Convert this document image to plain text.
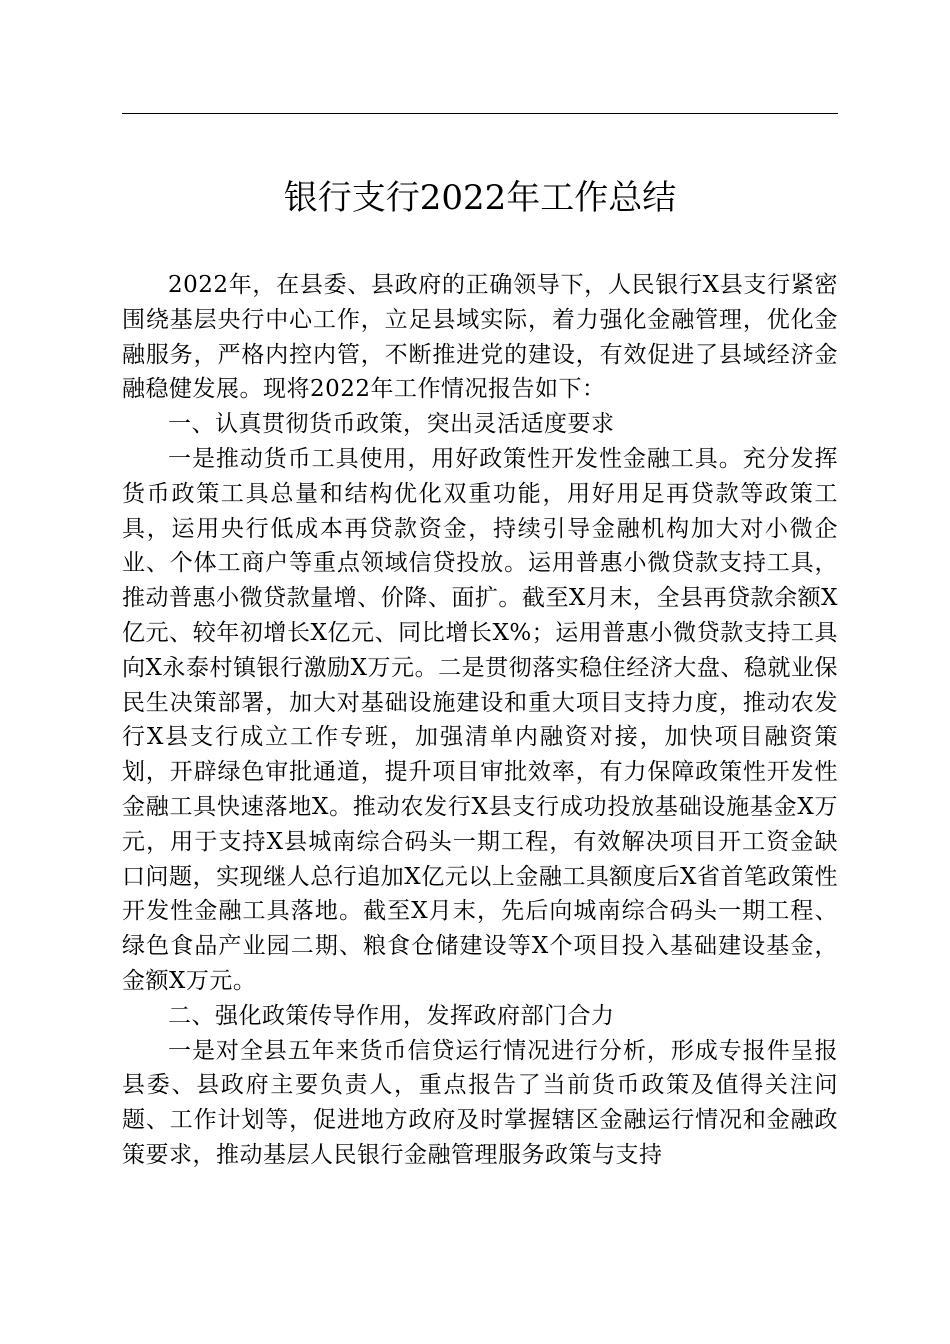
银行支行2022年工作总结

2022年，在县委、县政府的正确领导下，人民银行X县支行紧密围绕基层央行中心工作，立足县域实际，着力强化金融管理，优化金融服务，严格内控内管，不断推进党的建设，有效促进了县域经济金融稳健发展。现将2022年工作情况报告如下：

一、认真贯彻货币政策，突出灵活适度要求

一是推动货币工具使用，用好政策性开发性金融工具。充分发挥货币政策工具总量和结构优化双重功能，用好用足再贷款等政策工具，运用央行低成本再贷款资金，持续引导金融机构加大对小微企业、个体工商户等重点领域信贷投放。运用普惠小微贷款支持工具，推动普惠小微贷款量增、价降、面扩。截至X月末，全县再贷款余额X亿元、较年初增长X亿元、同比增长X%；运用普惠小微贷款支持工具向X永泰村镇银行激励X万元。二是贯彻落实稳住经济大盘、稳就业保民生决策部署，加大对基础设施建设和重大项目支持力度，推动农发行X县支行成立工作专班，加强清单内融资对接，加快项目融资策划，开辟绿色审批通道，提升项目审批效率，有力保障政策性开发性金融工具快速落地X。推动农发行X县支行成功投放基础设施基金X万元，用于支持X县城南综合码头一期工程，有效解决项目开工资金缺口问题，实现继人总行追加X亿元以上金融工具额度后X省首笔政策性开发性金融工具落地。截至X月末，先后向城南综合码头一期工程、绿色食品产业园二期、粮食仓储建设等X个项目投入基础建设基金，金额X万元。

二、强化政策传导作用，发挥政府部门合力

一是对全县五年来货币信贷运行情况进行分析，形成专报件呈报县委、县政府主要负责人，重点报告了当前货币政策及值得关注问题、工作计划等，促进地方政府及时掌握辖区金融运行情况和金融政策要求，推动基层人民银行金融管理服务政策与支持
